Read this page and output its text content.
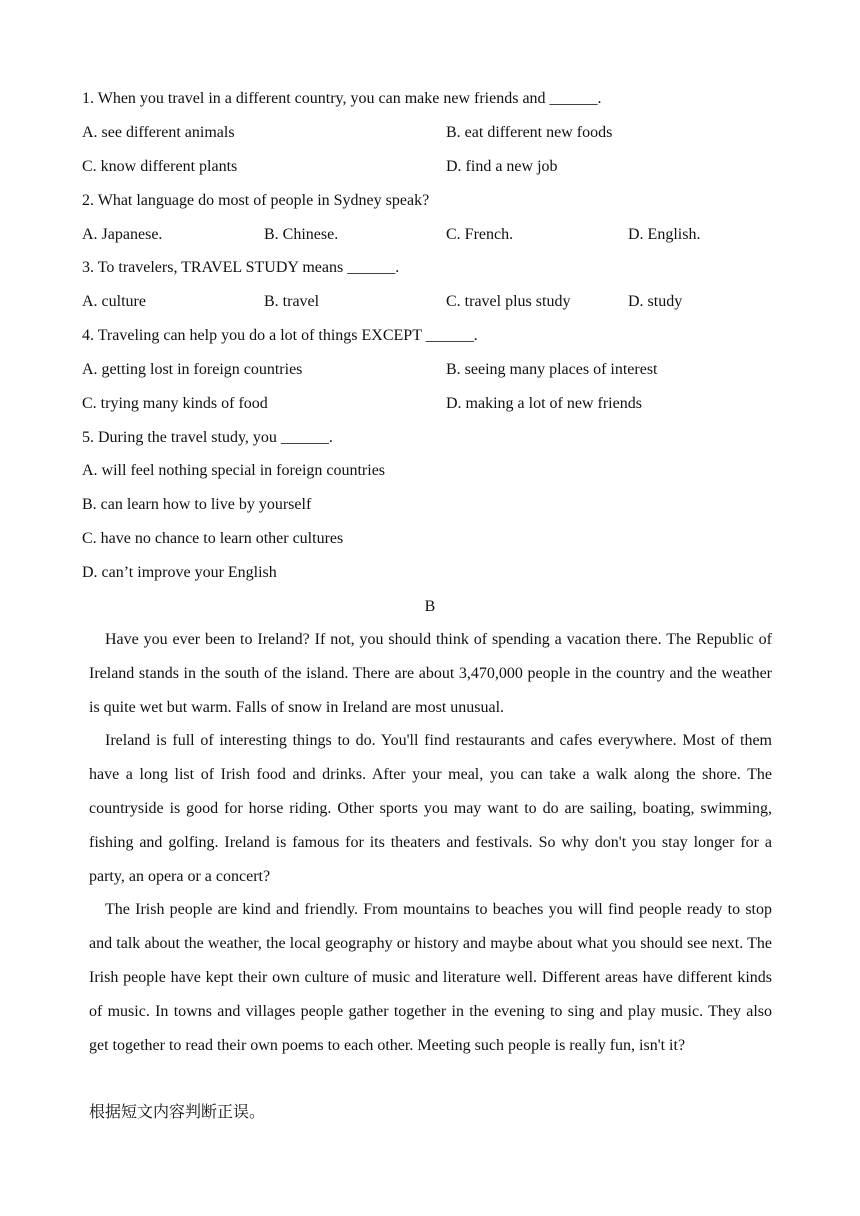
1. When you travel in a different country, you can make new friends and ______.
A. see different animals	B. eat different new foods
C. know different plants	D. find a new job
2. What language do most of people in Sydney speak?
A. Japanese.	B. Chinese.	C. French.	D. English.
3. To travelers, TRAVEL STUDY means ______.
A. culture	B. travel	C. travel plus study	D. study
4. Traveling can help you do a lot of things EXCEPT ______.
A. getting lost in foreign countries	B. seeing many places of interest
C. trying many kinds of food	D. making a lot of new friends
5. During the travel study, you ______.
A. will feel nothing special in foreign countries
B. can learn how to live by yourself
C. have no chance to learn other cultures
D. can’t improve your English
B

Have you ever been to Ireland? If not, you should think of spending a vacation there. The Republic of Ireland stands in the south of the island. There are about 3,470,000 people in the country and the weather is quite wet but warm. Falls of snow in Ireland are most unusual.

Ireland is full of interesting things to do. You'll find restaurants and cafes everywhere. Most of them have a long list of Irish food and drinks. After your meal, you can take a walk along the shore. The countryside is good for horse riding. Other sports you may want to do are sailing, boating, swimming, fishing and golfing. Ireland is famous for its theaters and festivals. So why don't you stay longer for a party, an opera or a concert?

The Irish people are kind and friendly. From mountains to beaches you will find people ready to stop and talk about the weather, the local geography or history and maybe about what you should see next. The Irish people have kept their own culture of music and literature well. Different areas have different kinds of music. In towns and villages people gather together in the evening to sing and play music. They also get together to read their own poems to each other. Meeting such people is really fun, isn't it?

根据短文内容判断正误。
